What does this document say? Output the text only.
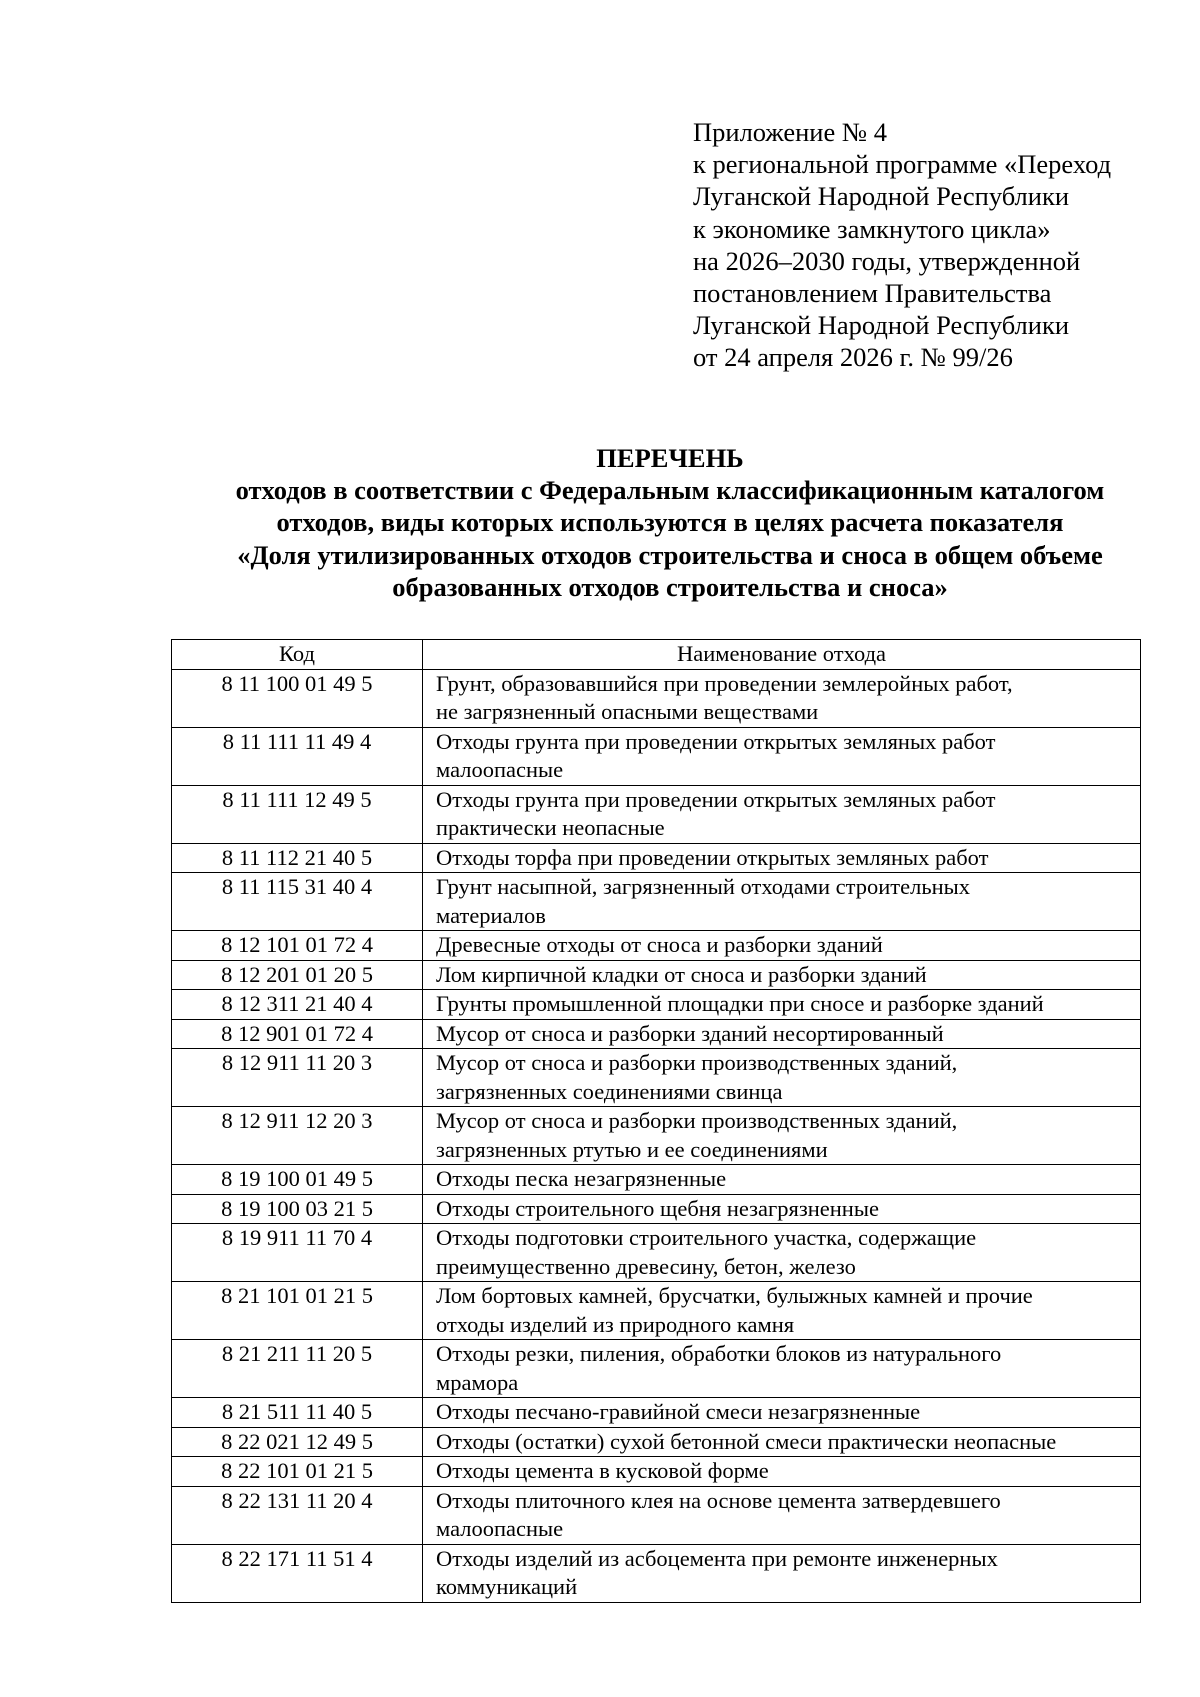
Приложение № 4
к региональной программе «Переход
Луганской Народной Республики
к экономике замкнутого цикла»
на 2026–2030 годы, утвержденной
постановлением Правительства
Луганской Народной Республики
от 24 апреля 2026 г. № 99/26
ПЕРЕЧЕНЬ
отходов в соответствии с Федеральным классификационным каталогом
отходов, виды которых используются в целях расчета показателя
«Доля утилизированных отходов строительства и сноса в общем объеме
образованных отходов строительства и сноса»
Код	Наименование отхода
8 11 100 01 49 5	Грунт, образовавшийся при проведении землеройных работ,
не загрязненный опасными веществами

8 11 111 11 49 4	Отходы грунта при проведении открытых земляных работ
малоопасные

8 11 111 12 49 5	Отходы грунта при проведении открытых земляных работ
практически неопасные

8 11 112 21 40 5	Отходы торфа при проведении открытых земляных работ

8 11 115 31 40 4	Грунт насыпной, загрязненный отходами строительных
материалов

8 12 101 01 72 4	Древесные отходы от сноса и разборки зданий

8 12 201 01 20 5	Лом кирпичной кладки от сноса и разборки зданий

8 12 311 21 40 4	Грунты промышленной площадки при сносе и разборке зданий

8 12 901 01 72 4	Мусор от сноса и разборки зданий несортированный

8 12 911 11 20 3	Мусор от сноса и разборки производственных зданий,
загрязненных соединениями свинца

8 12 911 12 20 3	Мусор от сноса и разборки производственных зданий,
загрязненных ртутью и ее соединениями

8 19 100 01 49 5	Отходы песка незагрязненные

8 19 100 03 21 5	Отходы строительного щебня незагрязненные

8 19 911 11 70 4	Отходы подготовки строительного участка, содержащие
преимущественно древесину, бетон, железо

8 21 101 01 21 5	Лом бортовых камней, брусчатки, булыжных камней и прочие
отходы изделий из природного камня

8 21 211 11 20 5	Отходы резки, пиления, обработки блоков из натурального
мрамора

8 21 511 11 40 5	Отходы песчано-гравийной смеси незагрязненные

8 22 021 12 49 5	Отходы (остатки) сухой бетонной смеси практически неопасные

8 22 101 01 21 5	Отходы цемента в кусковой форме

8 22 131 11 20 4	Отходы плиточного клея на основе цемента затвердевшего
малоопасные

8 22 171 11 51 4	Отходы изделий из асбоцемента при ремонте инженерных
коммуникаций
